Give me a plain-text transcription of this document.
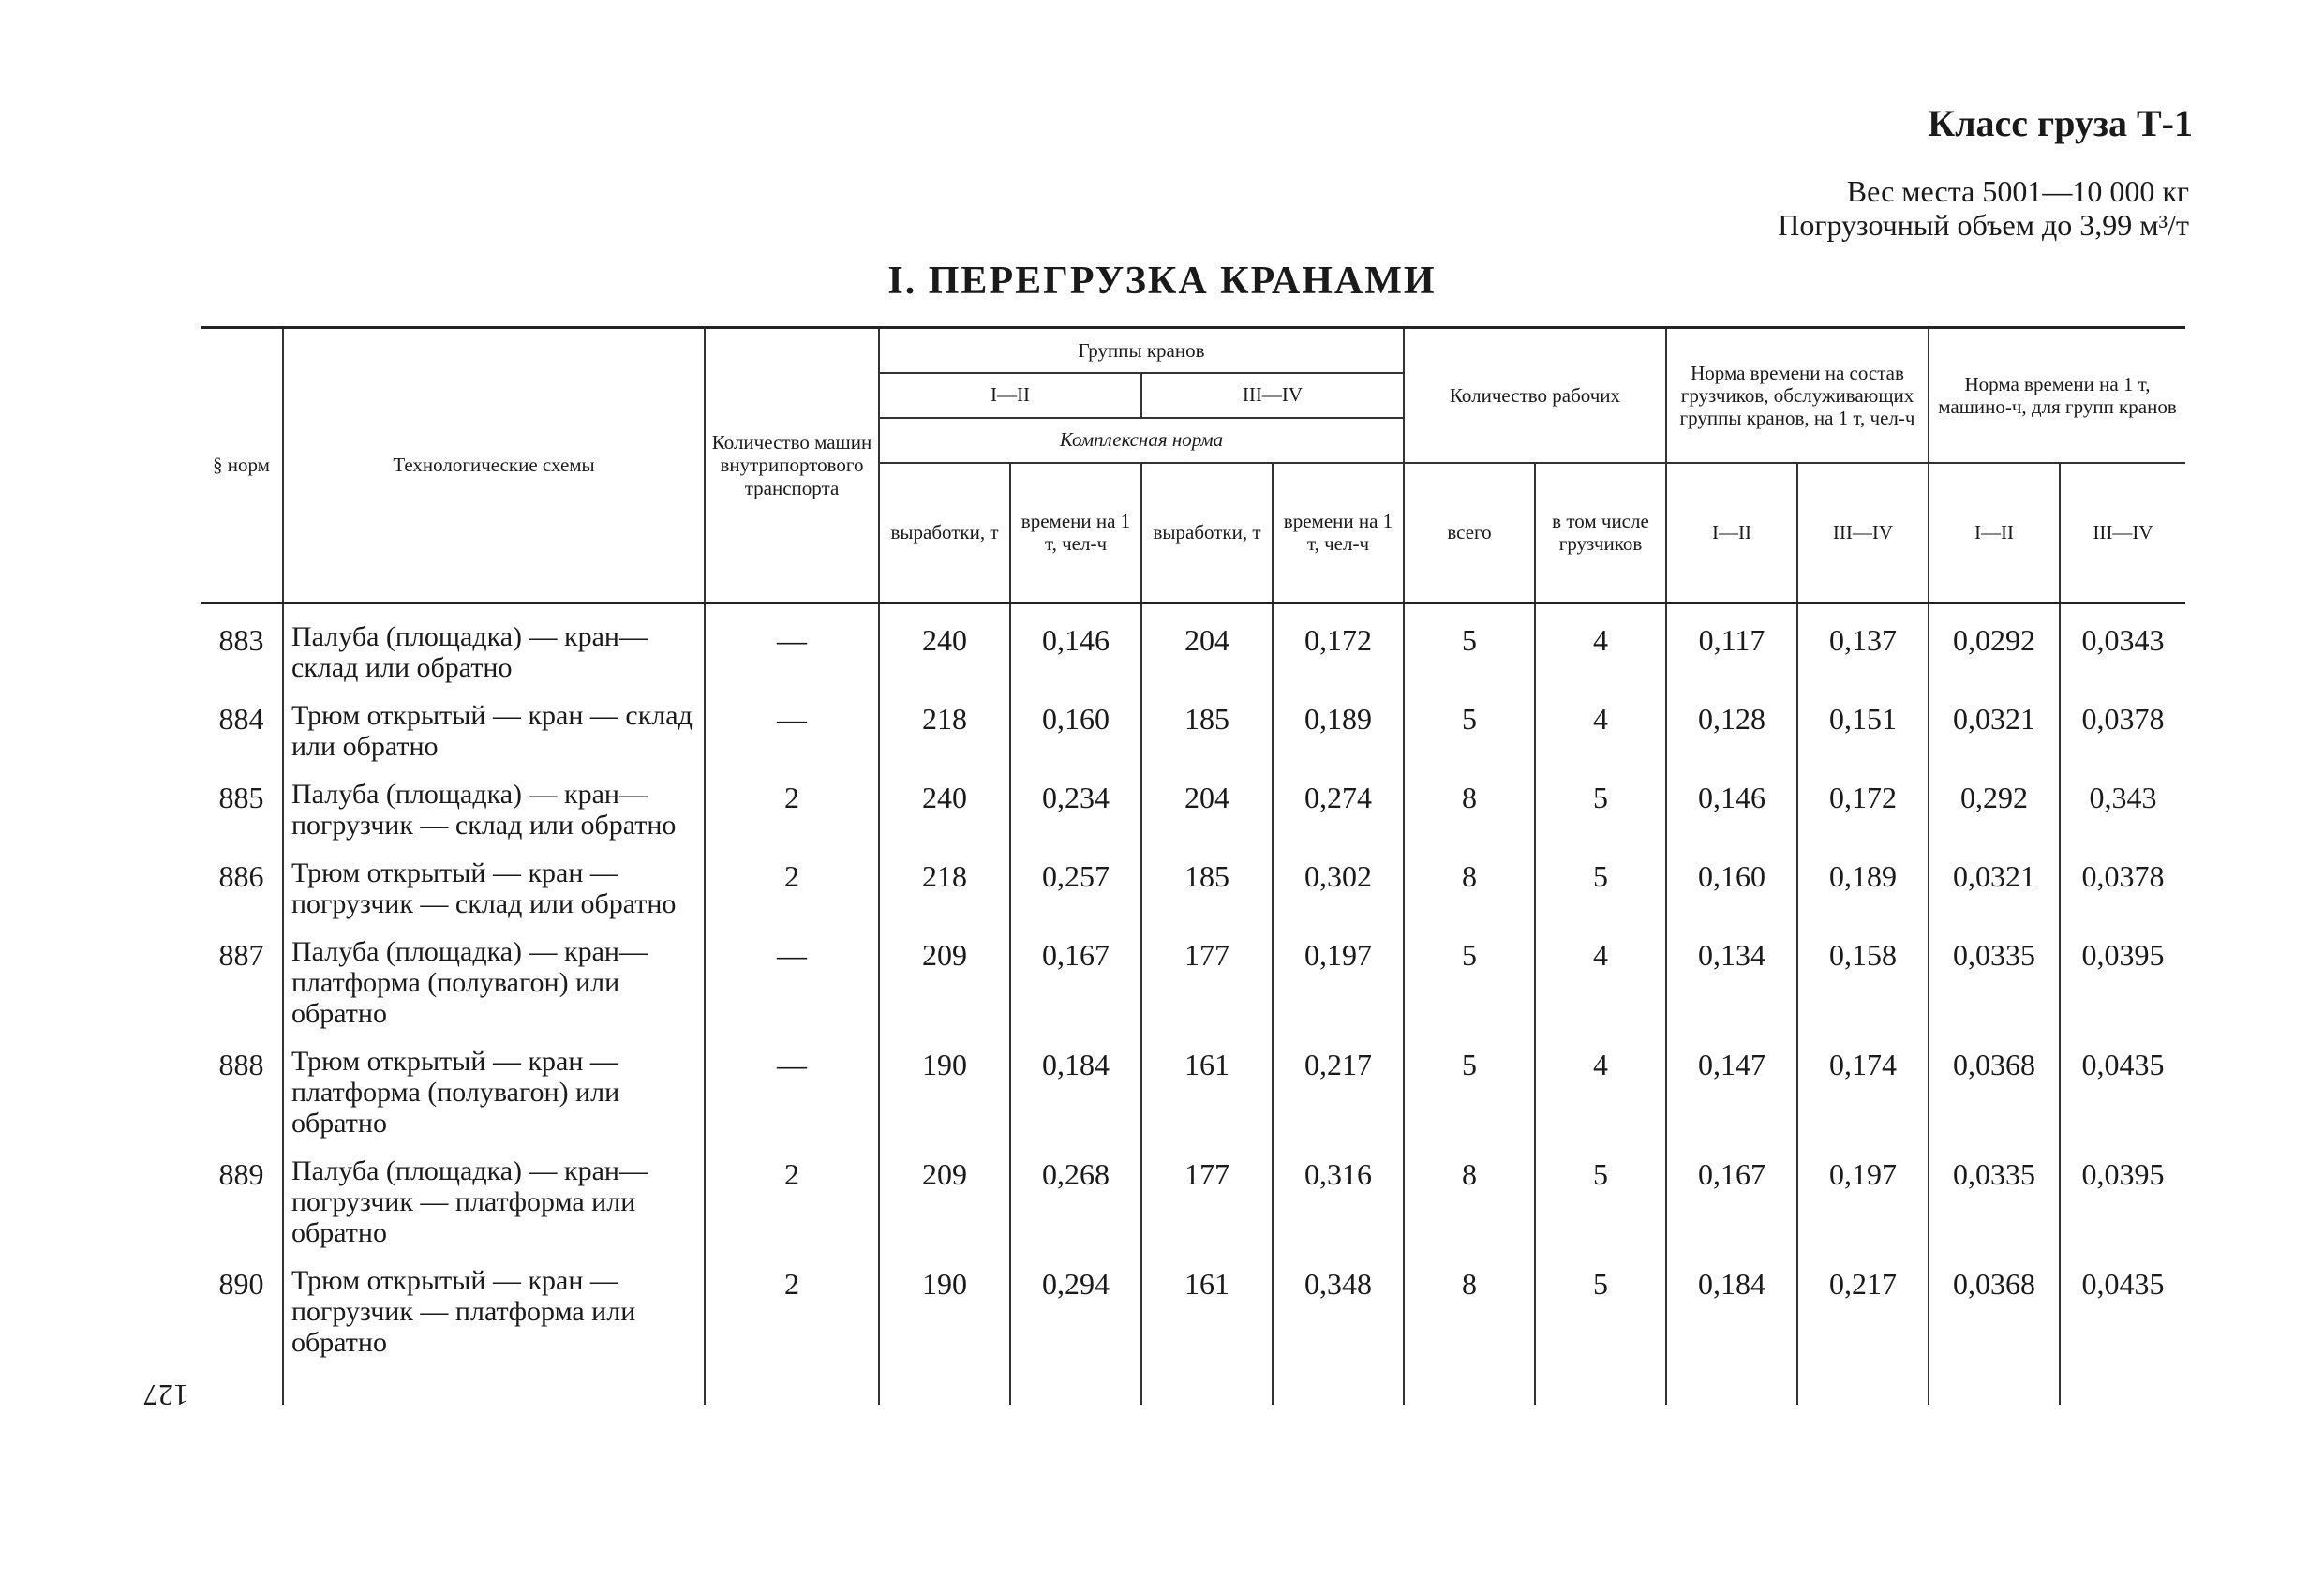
Класс груза Т-1
Вес места 5001—10 000 кг
Погрузочный объем до 3,99 м³/т
I. ПЕРЕГРУЗКА КРАНАМИ
127
§ норм	Технологические схемы	Количество машин внутрипортового транспорта	Группы кранов				Количество рабочих		Норма времени на состав грузчиков, обслуживающих группы кранов, на 1 т, чел-ч		Норма времени на 1 т, машино-ч, для групп кранов	
			I—II		III—IV							
			Комплексная норма									
			выработки, т	времени на 1 т, чел-ч	выработки, т	времени на 1 т, чел-ч	всего	в том числе грузчиков	I—II	III—IV	I—II	III—IV
883	Палуба (площадка) — кран— склад или обратно	—	240	0,146	204	0,172	5	4	0,117	0,137	0,0292	0,0343
884	Трюм открытый — кран — склад или обратно	—	218	0,160	185	0,189	5	4	0,128	0,151	0,0321	0,0378
885	Палуба (площадка) — кран— погрузчик — склад или обратно	2	240	0,234	204	0,274	8	5	0,146	0,172	0,292	0,343
886	Трюм открытый — кран — погрузчик — склад или обратно	2	218	0,257	185	0,302	8	5	0,160	0,189	0,0321	0,0378
887	Палуба (площадка) — кран— платформа (полувагон) или обратно	—	209	0,167	177	0,197	5	4	0,134	0,158	0,0335	0,0395
888	Трюм открытый — кран — платформа (полувагон) или обратно	—	190	0,184	161	0,217	5	4	0,147	0,174	0,0368	0,0435
889	Палуба (площадка) — кран— погрузчик — платформа или обратно	2	209	0,268	177	0,316	8	5	0,167	0,197	0,0335	0,0395
890	Трюм открытый — кран — погрузчик — платформа или обратно	2	190	0,294	161	0,348	8	5	0,184	0,217	0,0368	0,0435
